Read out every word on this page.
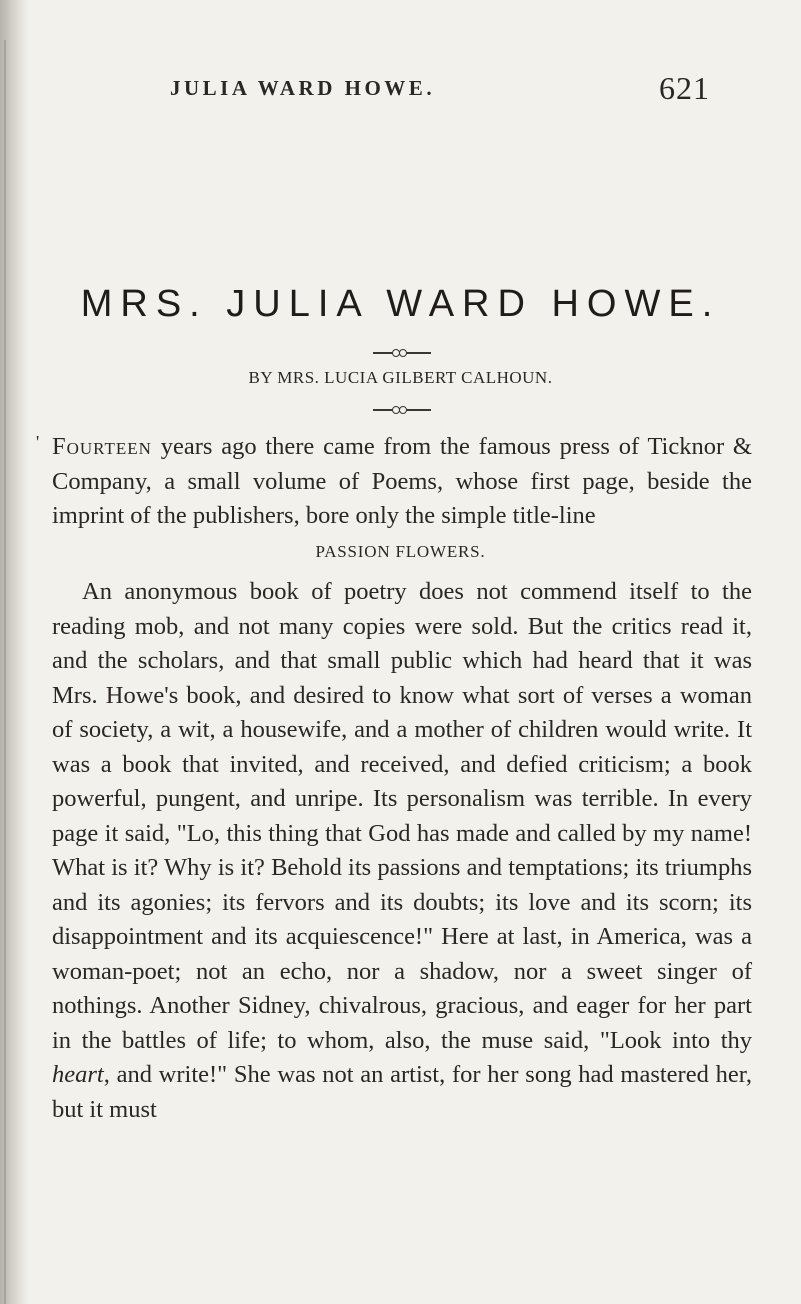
JULIA WARD HOWE.	621
MRS. JULIA WARD HOWE.
BY MRS. LUCIA GILBERT CALHOUN.
' Fourteen years ago there came from the famous press of Ticknor & Company, a small volume of Poems, whose first page, beside the imprint of the publishers, bore only the simple title-line
PASSION FLOWERS.
An anonymous book of poetry does not commend itself to the reading mob, and not many copies were sold. But the critics read it, and the scholars, and that small public which had heard that it was Mrs. Howe's book, and desired to know what sort of verses a woman of society, a wit, a housewife, and a mother of children would write. It was a book that invited, and received, and defied criticism; a book powerful, pungent, and unripe. Its personalism was terrible. In every page it said, "Lo, this thing that God has made and called by my name! What is it? Why is it? Behold its passions and temptations; its triumphs and its agonies; its fervors and its doubts; its love and its scorn; its disappointment and its acquiescence!" Here at last, in America, was a woman-poet; not an echo, nor a shadow, nor a sweet singer of nothings. Another Sidney, chivalrous, gracious, and eager for her part in the battles of life; to whom, also, the muse said, "Look into thy heart, and write!" She was not an artist, for her song had mastered her, but it must
